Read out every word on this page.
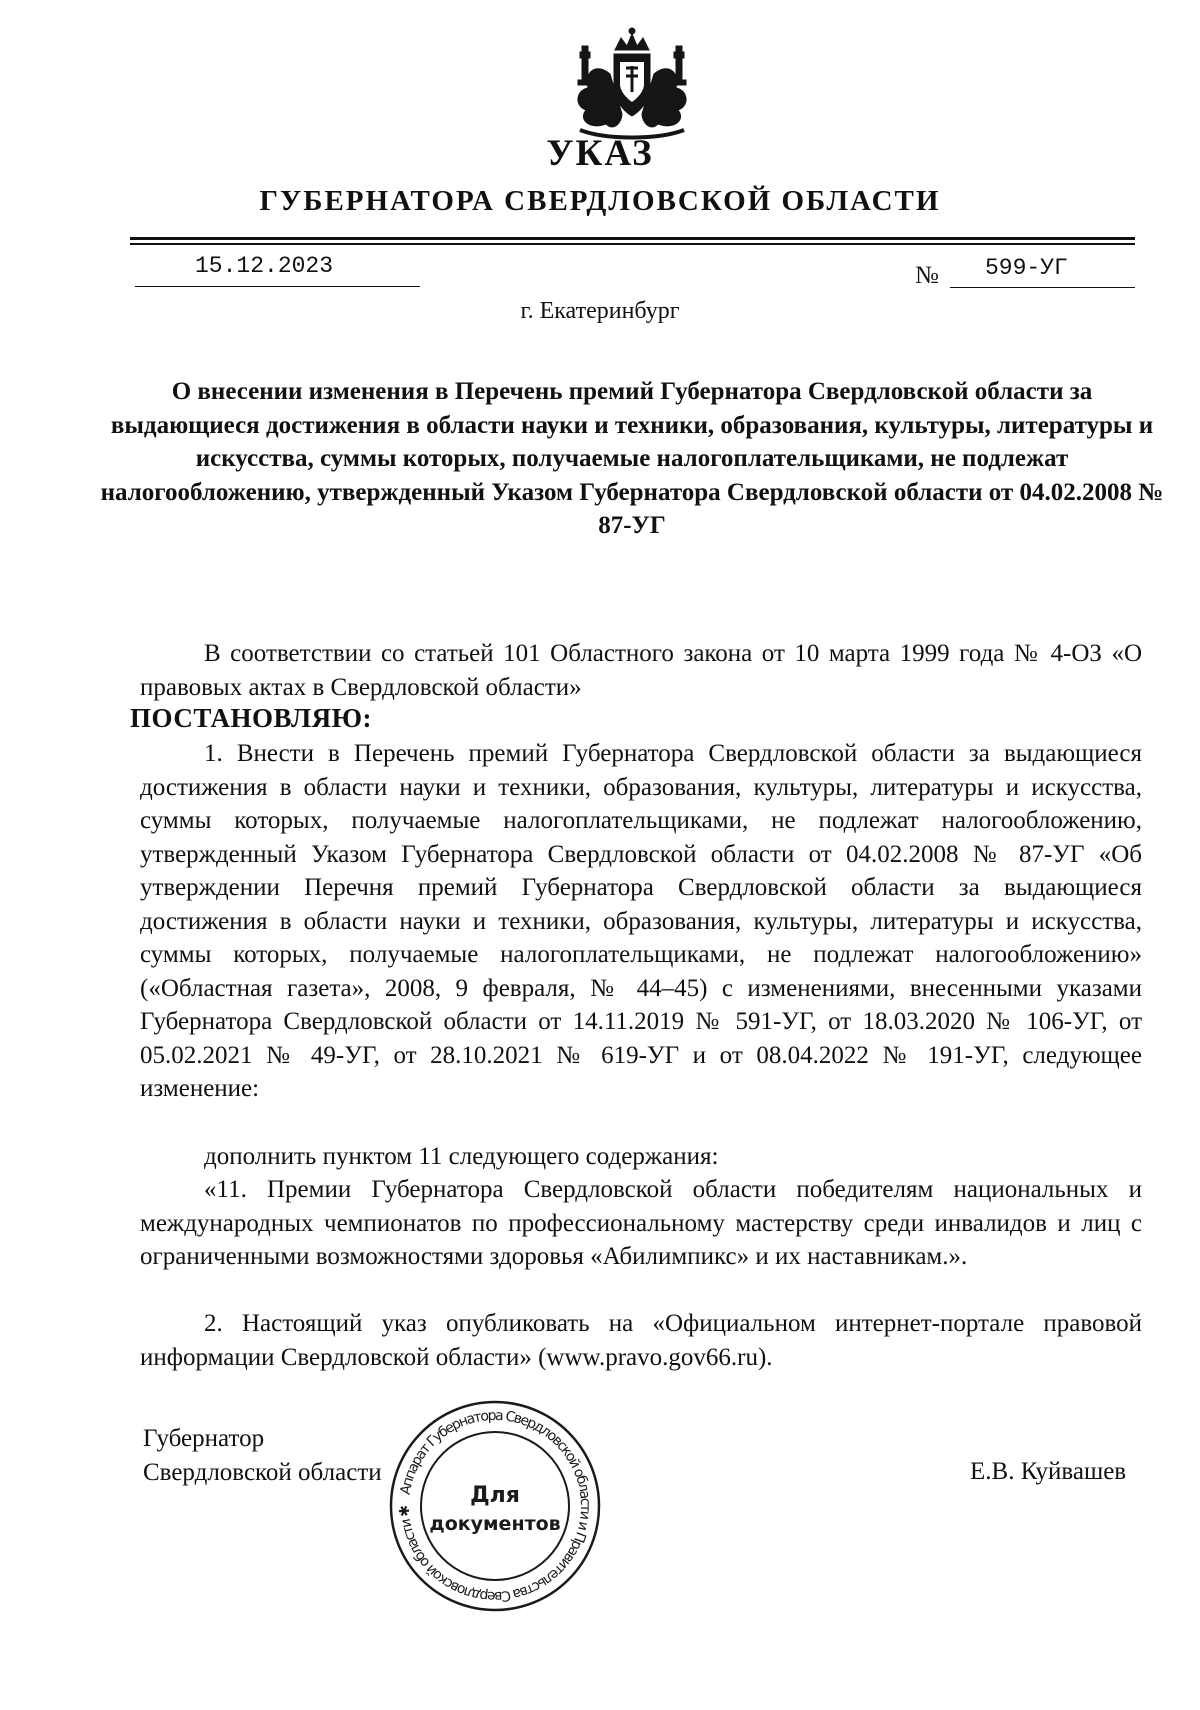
УКАЗ
ГУБЕРНАТОРА СВЕРДЛОВСКОЙ ОБЛАСТИ
15.12.2023	№ 599-УГ
г. Екатеринбург

О внесении изменения в Перечень премий Губернатора Свердловской области за выдающиеся достижения в области науки и техники, образования, культуры, литературы и искусства, суммы которых, получаемые налогоплательщиками, не подлежат налогообложению, утвержденный Указом Губернатора Свердловской области от 04.02.2008 № 87-УГ

В соответствии со статьей 101 Областного закона от 10 марта 1999 года № 4-ОЗ «О правовых актах в Свердловской области»

ПОСТАНОВЛЯЮ:

1. Внести в Перечень премий Губернатора Свердловской области за выдающиеся достижения в области науки и техники, образования, культуры, литературы и искусства, суммы которых, получаемые налогоплательщиками, не подлежат налогообложению, утвержденный Указом Губернатора Свердловской области от 04.02.2008 № 87-УГ «Об утверждении Перечня премий Губернатора Свердловской области за выдающиеся достижения в области науки и техники, образования, культуры, литературы и искусства, суммы которых, получаемые налогоплательщиками, не подлежат налогообложению» («Областная газета», 2008, 9 февраля, № 44–45) с изменениями, внесенными указами Губернатора Свердловской области от 14.11.2019 № 591-УГ, от 18.03.2020 № 106-УГ, от 05.02.2021 № 49-УГ, от 28.10.2021 № 619-УГ и от 08.04.2022 № 191-УГ, следующее изменение:

дополнить пунктом 11 следующего содержания:

«11. Премии Губернатора Свердловской области победителям национальных и международных чемпионатов по профессиональному мастерству среди инвалидов и лиц с ограниченными возможностями здоровья «Абилимпикс» и их наставникам.».

2. Настоящий указ опубликовать на «Официальном интернет-портале правовой информации Свердловской области» (www.pravo.gov66.ru).

Губернатор
Свердловской области	Е.В. Куйвашев
Аппарат Губернатора Свердловской области и Правительства Свердловской области ✱
Для
документов
